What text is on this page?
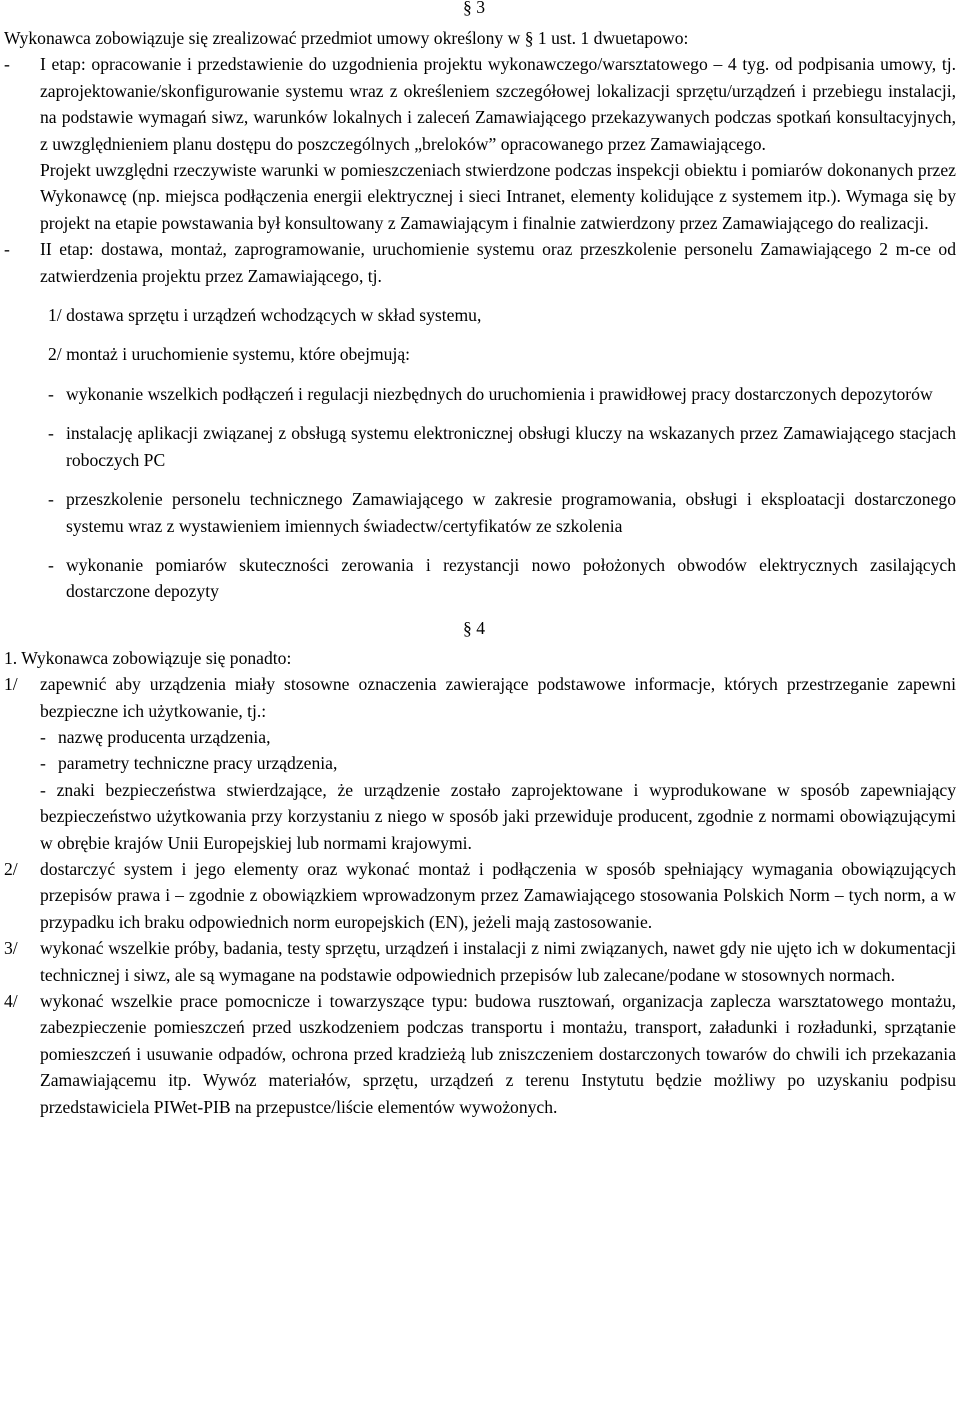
§ 3

Wykonawca zobowiązuje się zrealizować przedmiot umowy określony w § 1 ust. 1 dwuetapowo:

-	I etap: opracowanie i przedstawienie do uzgodnienia projektu wykonawczego/warsztatowego – 4 tyg. od podpisania umowy, tj. zaprojektowanie/skonfigurowanie systemu wraz z określeniem szczegółowej lokalizacji sprzętu/urządzeń i przebiegu instalacji, na podstawie wymagań siwz, warunków lokalnych i zaleceń Zamawiającego przekazywanych podczas spotkań konsultacyjnych, z uwzględnieniem planu dostępu do poszczególnych „breloków” opracowanego przez Zamawiającego.

Projekt uwzględni rzeczywiste warunki w pomieszczeniach stwierdzone podczas inspekcji obiektu i pomiarów dokonanych przez Wykonawcę (np. miejsca podłączenia energii elektrycznej i sieci Intranet, elementy kolidujące z systemem itp.). Wymaga się by projekt na etapie powstawania był konsultowany z Zamawiającym i finalnie zatwierdzony przez Zamawiającego do realizacji.

-	II etap: dostawa, montaż, zaprogramowanie, uruchomienie systemu oraz przeszkolenie personelu Zamawiającego 2 m-ce od zatwierdzenia projektu przez Zamawiającego, tj.

1/ dostawa sprzętu i urządzeń wchodzących w skład systemu,

2/ montaż i uruchomienie systemu, które obejmują:

- wykonanie wszelkich podłączeń i regulacji niezbędnych do uruchomienia i prawidłowej pracy dostarczonych depozytorów

- instalację aplikacji związanej z obsługą systemu elektronicznej obsługi kluczy na wskazanych przez Zamawiającego stacjach roboczych PC

- przeszkolenie personelu technicznego Zamawiającego w zakresie programowania, obsługi i eksploatacji dostarczonego systemu wraz z wystawieniem imiennych świadectw/certyfikatów ze szkolenia

- wykonanie pomiarów skuteczności zerowania i rezystancji nowo położonych obwodów elektrycznych zasilających dostarczone depozyty

§ 4

1. Wykonawca zobowiązuje się ponadto:

1/	zapewnić aby urządzenia miały stosowne oznaczenia zawierające podstawowe informacje, których przestrzeganie zapewni bezpieczne ich użytkowanie, tj.:

- nazwę producenta urządzenia,

- parametry techniczne pracy urządzenia,

- znaki bezpieczeństwa stwierdzające, że urządzenie zostało zaprojektowane i wyprodukowane w sposób zapewniający bezpieczeństwo użytkowania przy korzystaniu z niego w sposób jaki przewiduje producent, zgodnie z normami obowiązującymi w obrębie krajów Unii Europejskiej lub normami krajowymi.

2/	dostarczyć system i jego elementy oraz wykonać montaż i podłączenia w sposób spełniający wymagania obowiązujących przepisów prawa i – zgodnie z obowiązkiem wprowadzonym przez Zamawiającego stosowania Polskich Norm – tych norm, a w przypadku ich braku odpowiednich norm europejskich (EN), jeżeli mają zastosowanie.

3/	wykonać wszelkie próby, badania, testy sprzętu, urządzeń i instalacji z nimi związanych, nawet gdy nie ujęto ich w dokumentacji technicznej i siwz, ale są wymagane na podstawie odpowiednich przepisów lub zalecane/podane w stosownych normach.

4/	wykonać wszelkie prace pomocnicze i towarzyszące typu: budowa rusztowań, organizacja zaplecza warsztatowego montażu, zabezpieczenie pomieszczeń przed uszkodzeniem podczas transportu i montażu, transport, załadunki i rozładunki, sprzątanie pomieszczeń i usuwanie odpadów, ochrona przed kradzieżą lub zniszczeniem dostarczonych towarów do chwili ich przekazania Zamawiającemu itp. Wywóz materiałów, sprzętu, urządzeń z terenu Instytutu będzie możliwy po uzyskaniu podpisu przedstawiciela PIWet-PIB na przepustce/liście elementów wywożonych.
